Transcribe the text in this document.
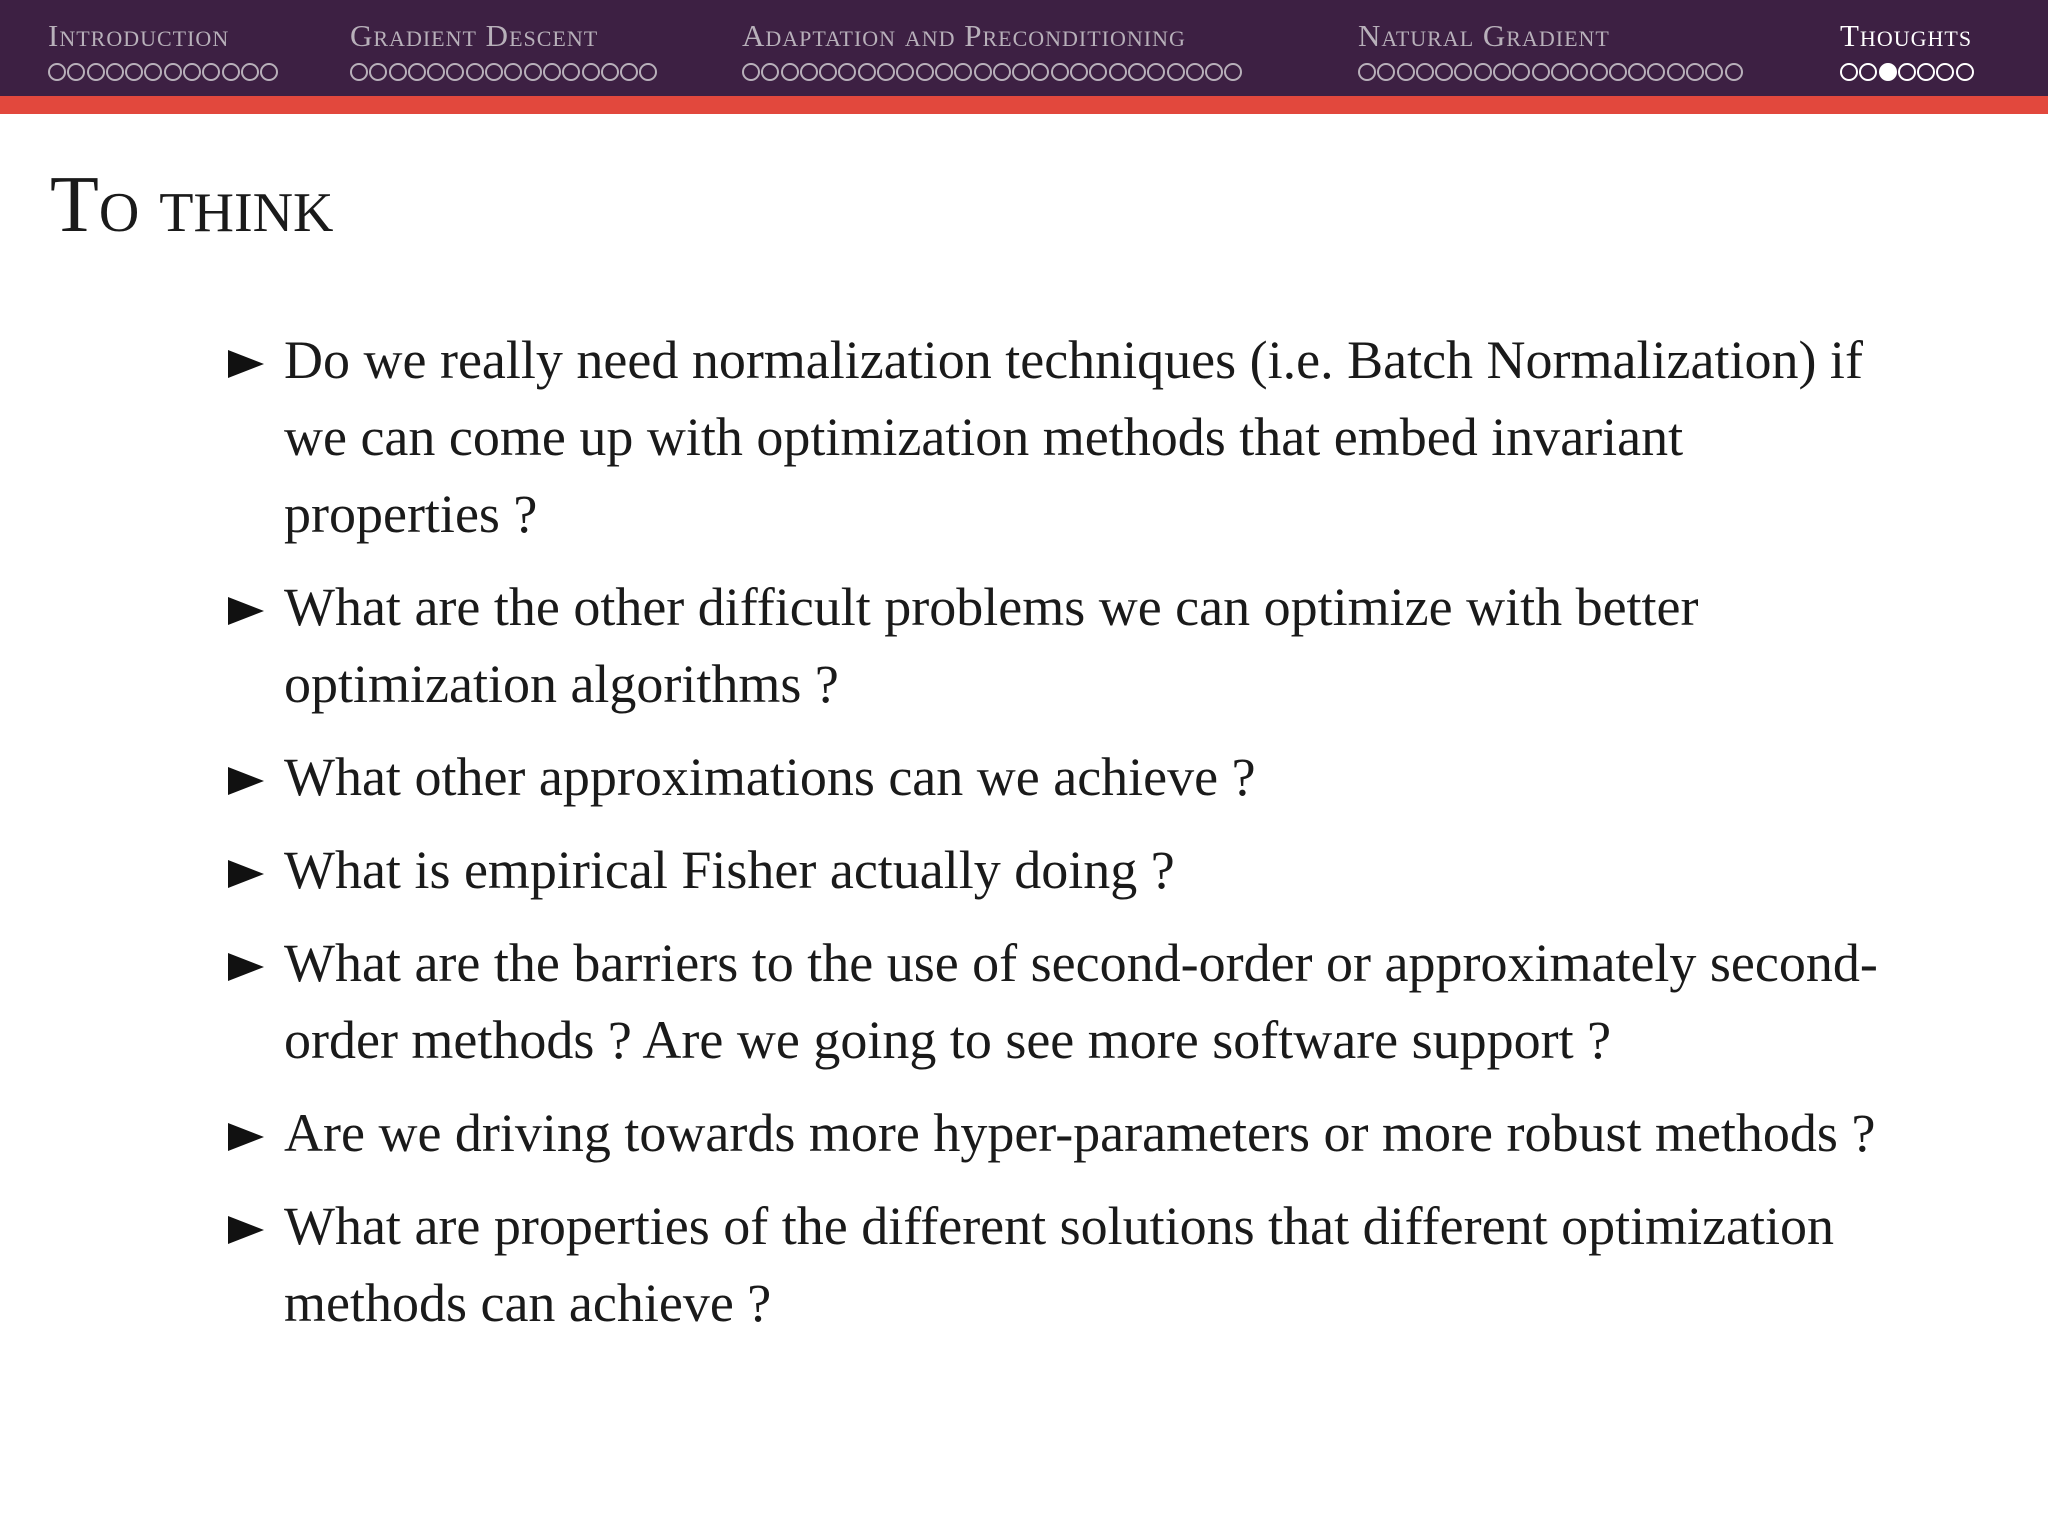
Introduction	Gradient Descent	Adaptation and Preconditioning	Natural Gradient	Thoughts
To think
Do we really need normalization techniques (i.e. Batch Normalization) if we can come up with optimization methods that embed invariant properties ?
What are the other difficult problems we can optimize with better optimization algorithms ?
What other approximations can we achieve ?
What is empirical Fisher actually doing ?
What are the barriers to the use of second-order or approximately second-order methods ? Are we going to see more software support ?
Are we driving towards more hyper-parameters or more robust methods ?
What are properties of the different solutions that different optimization methods can achieve ?
